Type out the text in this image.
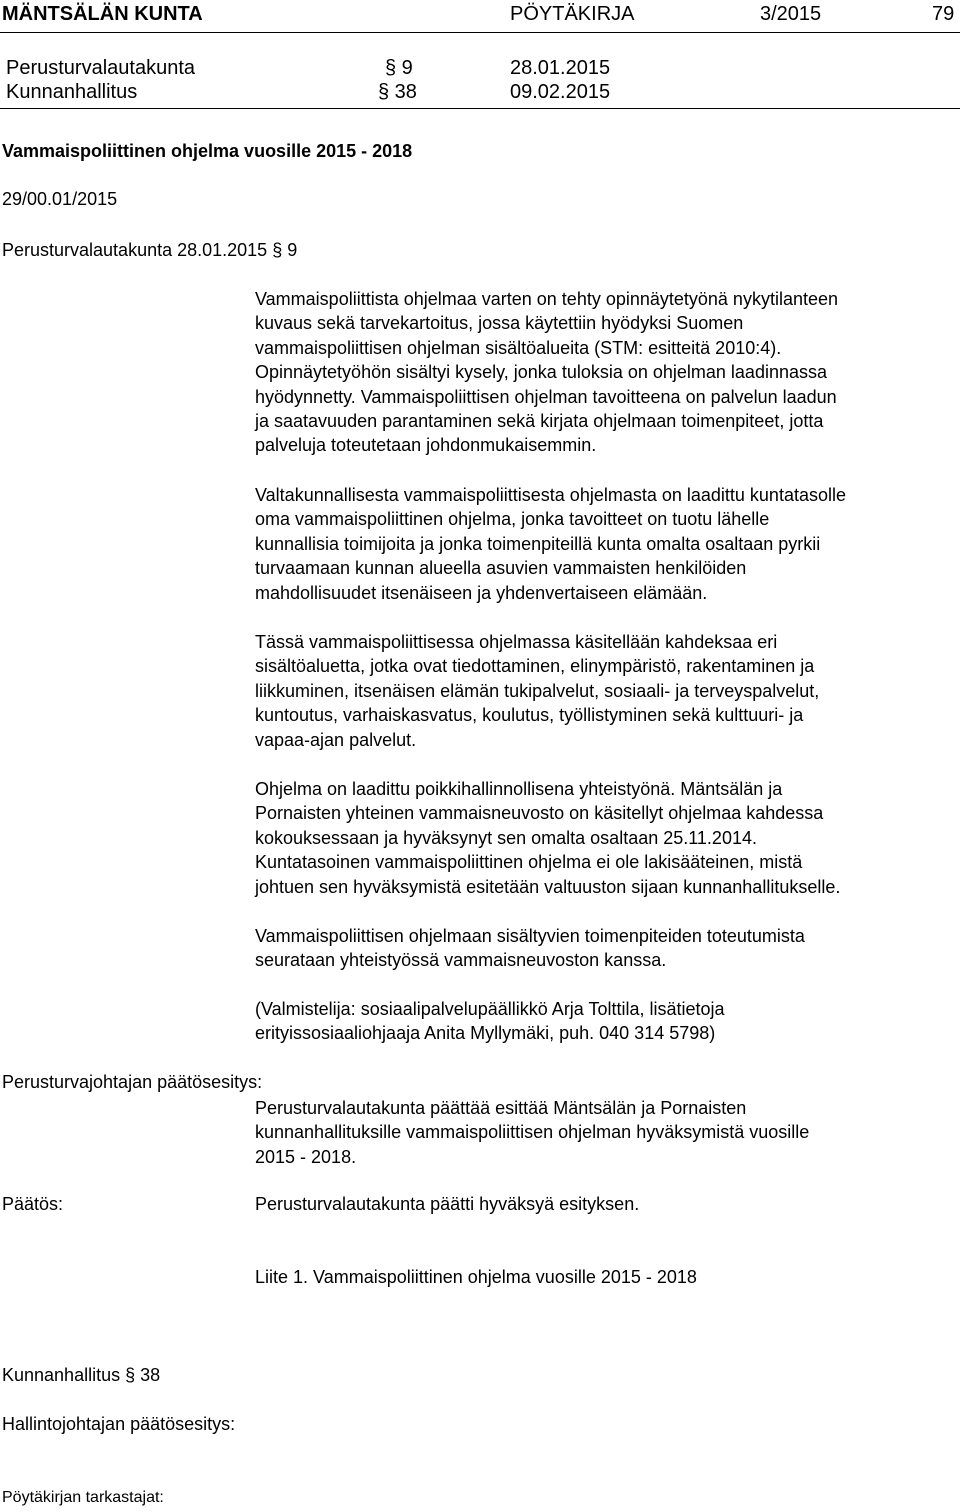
MÄNTSÄLÄN KUNTA	PÖYTÄKIRJA	3/2015	79
Perusturvalautakunta	§ 9	28.01.2015
Kunnanhallitus	§ 38	09.02.2015
Vammaispoliittinen ohjelma vuosille 2015 - 2018
29/00.01/2015
Perusturvalautakunta 28.01.2015 § 9
Vammaispoliittista ohjelmaa varten on tehty opinnäytetyönä nykytilanteen
kuvaus sekä tarvekartoitus, jossa käytettiin hyödyksi Suomen
vammaispoliittisen ohjelman sisältöalueita (STM: esitteitä 2010:4).
Opinnäytetyöhön sisältyi kysely, jonka tuloksia on ohjelman laadinnassa
hyödynnetty. Vammaispoliittisen ohjelman tavoitteena on palvelun laadun
ja saatavuuden parantaminen sekä kirjata ohjelmaan toimenpiteet, jotta
palveluja toteutetaan johdonmukaisemmin.
Valtakunnallisesta vammaispoliittisesta ohjelmasta on laadittu kuntatasolle
oma vammaispoliittinen ohjelma, jonka tavoitteet on tuotu lähelle
kunnallisia toimijoita ja jonka toimenpiteillä kunta omalta osaltaan pyrkii
turvaamaan kunnan alueella asuvien vammaisten henkilöiden
mahdollisuudet itsenäiseen ja yhdenvertaiseen elämään.
Tässä vammaispoliittisessa ohjelmassa käsitellään kahdeksaa eri
sisältöaluetta, jotka ovat tiedottaminen, elinympäristö, rakentaminen ja
liikkuminen, itsenäisen elämän tukipalvelut, sosiaali- ja terveyspalvelut,
kuntoutus, varhaiskasvatus, koulutus, työllistyminen sekä kulttuuri- ja
vapaa-ajan palvelut.
Ohjelma on laadittu poikkihallinnollisena yhteistyönä. Mäntsälän ja
Pornaisten yhteinen vammaisneuvosto on käsitellyt ohjelmaa kahdessa
kokouksessaan ja hyväksynyt sen omalta osaltaan 25.11.2014.
Kuntatasoinen vammaispoliittinen ohjelma ei ole lakisääteinen, mistä
johtuen sen hyväksymistä esitetään valtuuston sijaan kunnanhallitukselle.
Vammaispoliittisen ohjelmaan sisältyvien toimenpiteiden toteutumista
seurataan yhteistyössä vammaisneuvoston kanssa.
(Valmistelija: sosiaalipalvelupäällikkö Arja Tolttila, lisätietoja
erityissosiaaliohjaaja Anita Myllymäki, puh. 040 314 5798)
Perusturvajohtajan päätösesitys:
Perusturvalautakunta päättää esittää Mäntsälän ja Pornaisten
kunnanhallituksille vammaispoliittisen ohjelman hyväksymistä vuosille
2015 - 2018.
Päätös:	Perusturvalautakunta päätti hyväksyä esityksen.
Liite 1. Vammaispoliittinen ohjelma vuosille 2015 - 2018
Kunnanhallitus § 38
Hallintojohtajan päätösesitys:
Pöytäkirjan tarkastajat:
